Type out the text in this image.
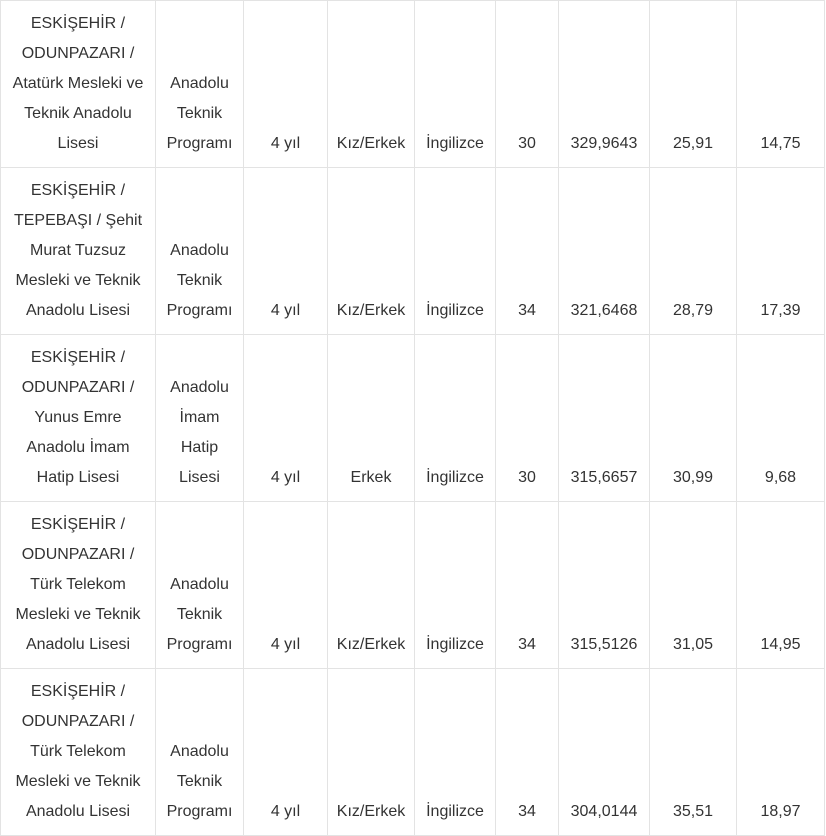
ESKİŞEHİR /
ODUNPAZARI /
Atatürk Mesleki ve
Teknik Anadolu
Lisesi	Anadolu
Teknik
Programı	4 yıl	Kız/Erkek	İngilizce	30	329,9643	25,91	14,75

ESKİŞEHİR /
TEPEBAŞI / Şehit
Murat Tuzsuz
Mesleki ve Teknik
Anadolu Lisesi	Anadolu
Teknik
Programı	4 yıl	Kız/Erkek	İngilizce	34	321,6468	28,79	17,39

ESKİŞEHİR /
ODUNPAZARI /
Yunus Emre
Anadolu İmam
Hatip Lisesi	Anadolu
İmam
Hatip
Lisesi	4 yıl	Erkek	İngilizce	30	315,6657	30,99	9,68

ESKİŞEHİR /
ODUNPAZARI /
Türk Telekom
Mesleki ve Teknik
Anadolu Lisesi	Anadolu
Teknik
Programı	4 yıl	Kız/Erkek	İngilizce	34	315,5126	31,05	14,95

ESKİŞEHİR /
ODUNPAZARI /
Türk Telekom
Mesleki ve Teknik
Anadolu Lisesi	Anadolu
Teknik
Programı	4 yıl	Kız/Erkek	İngilizce	34	304,0144	35,51	18,97
